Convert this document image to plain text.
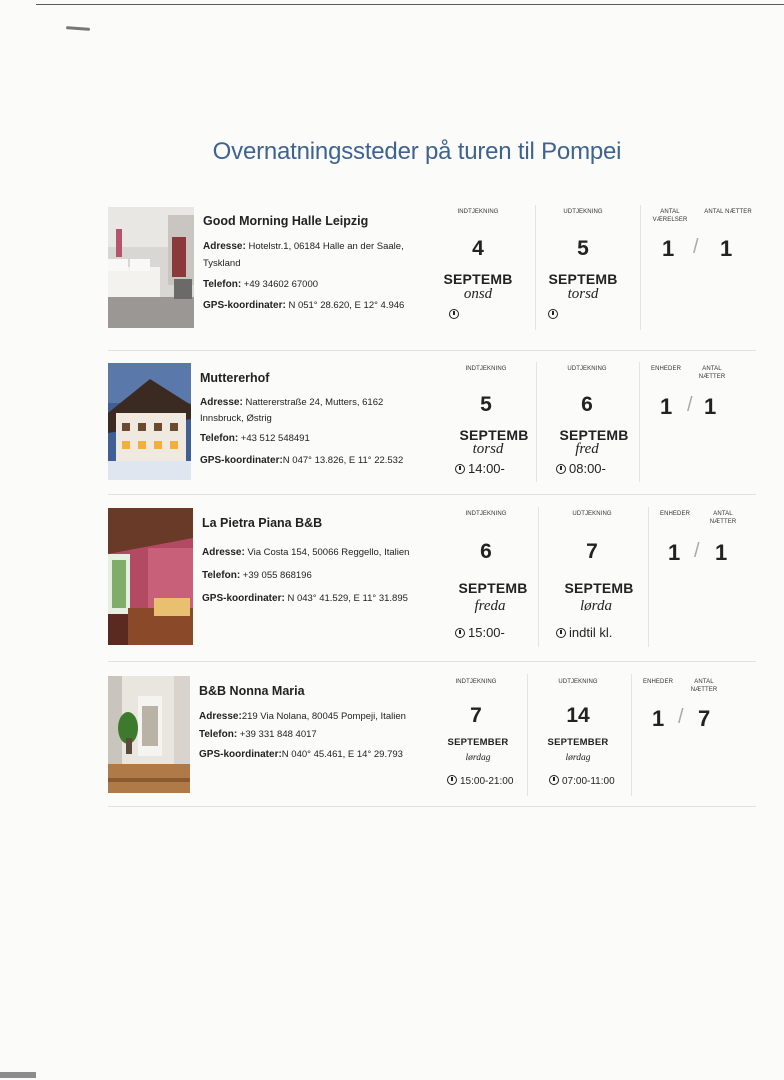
Overnatningssteder på turen til Pompei
Good Morning Halle Leipzig
Adresse: Hotelstr.1, 06184 Halle an der Saale,
Tyskland
Telefon: +49 34602 67000
GPS-koordinater: N 051° 28.620, E 12° 4.946
INDTJEKNING
4
SEPTEMB
onsd
UDTJEKNING
5
SEPTEMB
torsd
ANTAL VÆRELSER
ANTAL NÆTTER
1 / 1
Muttererhof
Adresse: Nattererstraße 24, Mutters, 6162
Innsbruck, Østrig
Telefon: +43 512 548491
GPS-koordinater:N 047° 13.826, E 11° 22.532
INDTJEKNING
5
SEPTEMB
torsd
14:00-
UDTJEKNING
6
SEPTEMB
fred
08:00-
ENHEDER	ANTAL NÆTTER
1 / 1
La Pietra Piana B&B
Adresse: Via Costa 154, 50066 Reggello, Italien
Telefon: +39 055 868196
GPS-koordinater: N 043° 41.529, E 11° 31.895
INDTJEKNING
6
SEPTEMB
freda
15:00-
UDTJEKNING
7
SEPTEMB
lørda
indtil kl.
ENHEDER	ANTAL NÆTTER
1 / 1
B&B Nonna Maria
Adresse:219 Via Nolana, 80045 Pompeji, Italien
Telefon: +39 331 848 4017
GPS-koordinater:N 040° 45.461, E 14° 29.793
INDTJEKNING
7
SEPTEMBER
lørdag
15:00-21:00
UDTJEKNING
14
SEPTEMBER
lørdag
07:00-11:00
ENHEDER	ANTAL NÆTTER
1 / 7
